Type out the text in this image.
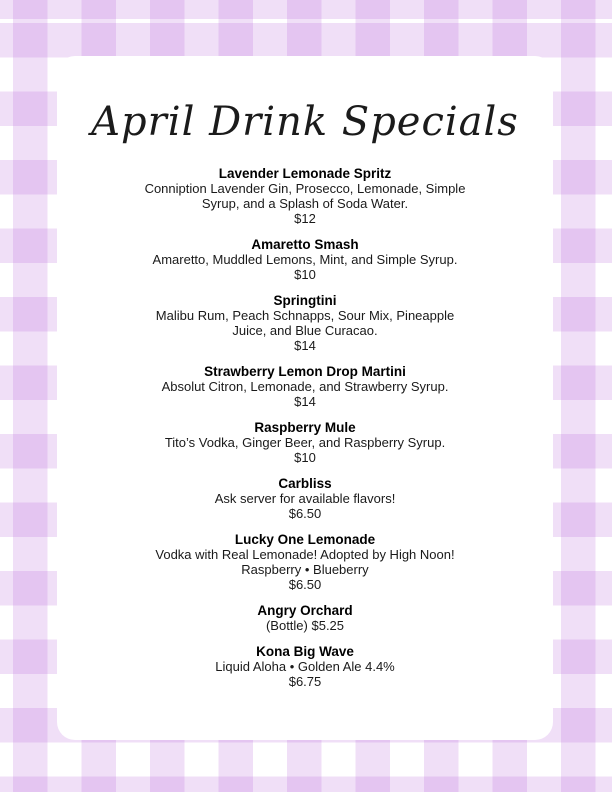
April Drink Specials
Lavender Lemonade Spritz

Conniption Lavender Gin, Prosecco, Lemonade, Simple Syrup, and a Splash of Soda Water.

$12

Amaretto Smash

Amaretto, Muddled Lemons, Mint, and Simple Syrup.

$10

Springtini

Malibu Rum, Peach Schnapps, Sour Mix, Pineapple Juice, and Blue Curacao.

$14

Strawberry Lemon Drop Martini

Absolut Citron, Lemonade, and Strawberry Syrup.

$14

Raspberry Mule

Tito’s Vodka, Ginger Beer, and Raspberry Syrup.

$10

Carbliss

Ask server for available flavors!

$6.50

Lucky One Lemonade

Vodka with Real Lemonade! Adopted by High Noon!

Raspberry • Blueberry

$6.50

Angry Orchard

(Bottle) $5.25

Kona Big Wave

Liquid Aloha • Golden Ale 4.4%

$6.75
